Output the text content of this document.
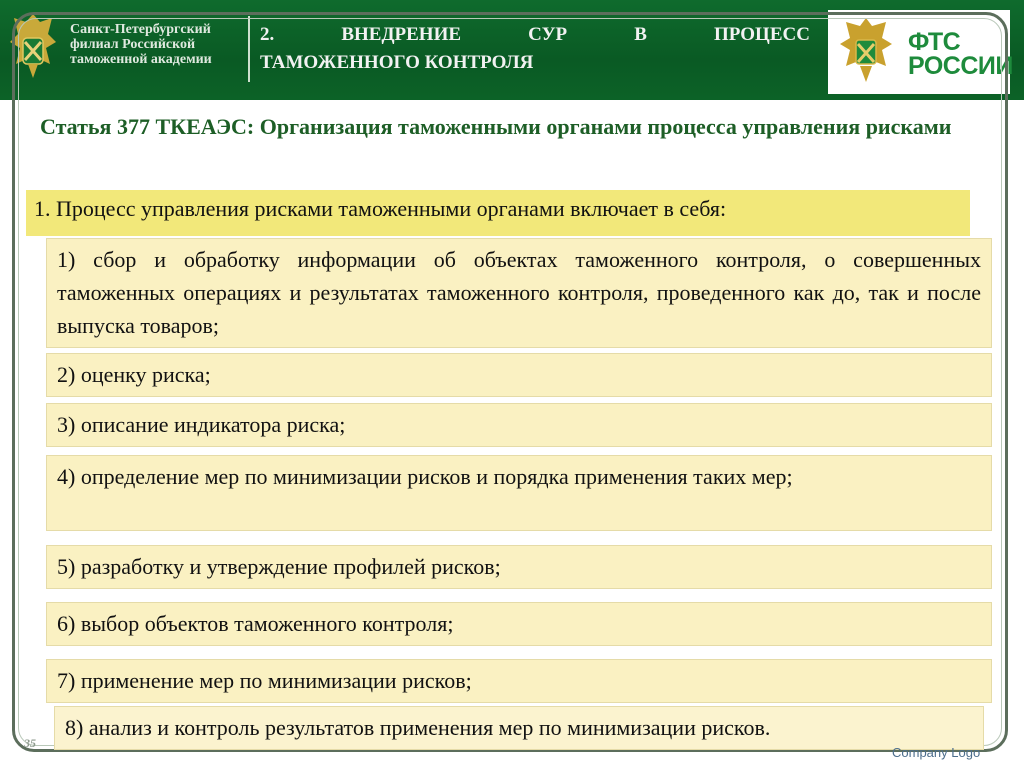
Санкт-Петербургский филиал Российской таможенной академии
2.	ВНЕДРЕНИЕ	СУР	В	ПРОЦЕСС
ТАМОЖЕННОГО КОНТРОЛЯ
ФТС
РОССИИ
Статья 377 ТКЕАЭС: Организация таможенными органами процесса управления рисками
1. Процесс управления рисками таможенными органами включает в себя:
1) сбор и обработку информации об объектах таможенного контроля, о совершенных таможенных операциях и результатах таможенного контроля, проведенного как до, так и после выпуска товаров;
2) оценку риска;
3) описание индикатора риска;
4) определение мер по минимизации рисков и порядка применения таких мер;
5) разработку и утверждение профилей рисков;
6) выбор объектов таможенного контроля;
7) применение мер по минимизации рисков;
8) анализ и контроль результатов применения мер по минимизации рисков.
35
Company Logo
